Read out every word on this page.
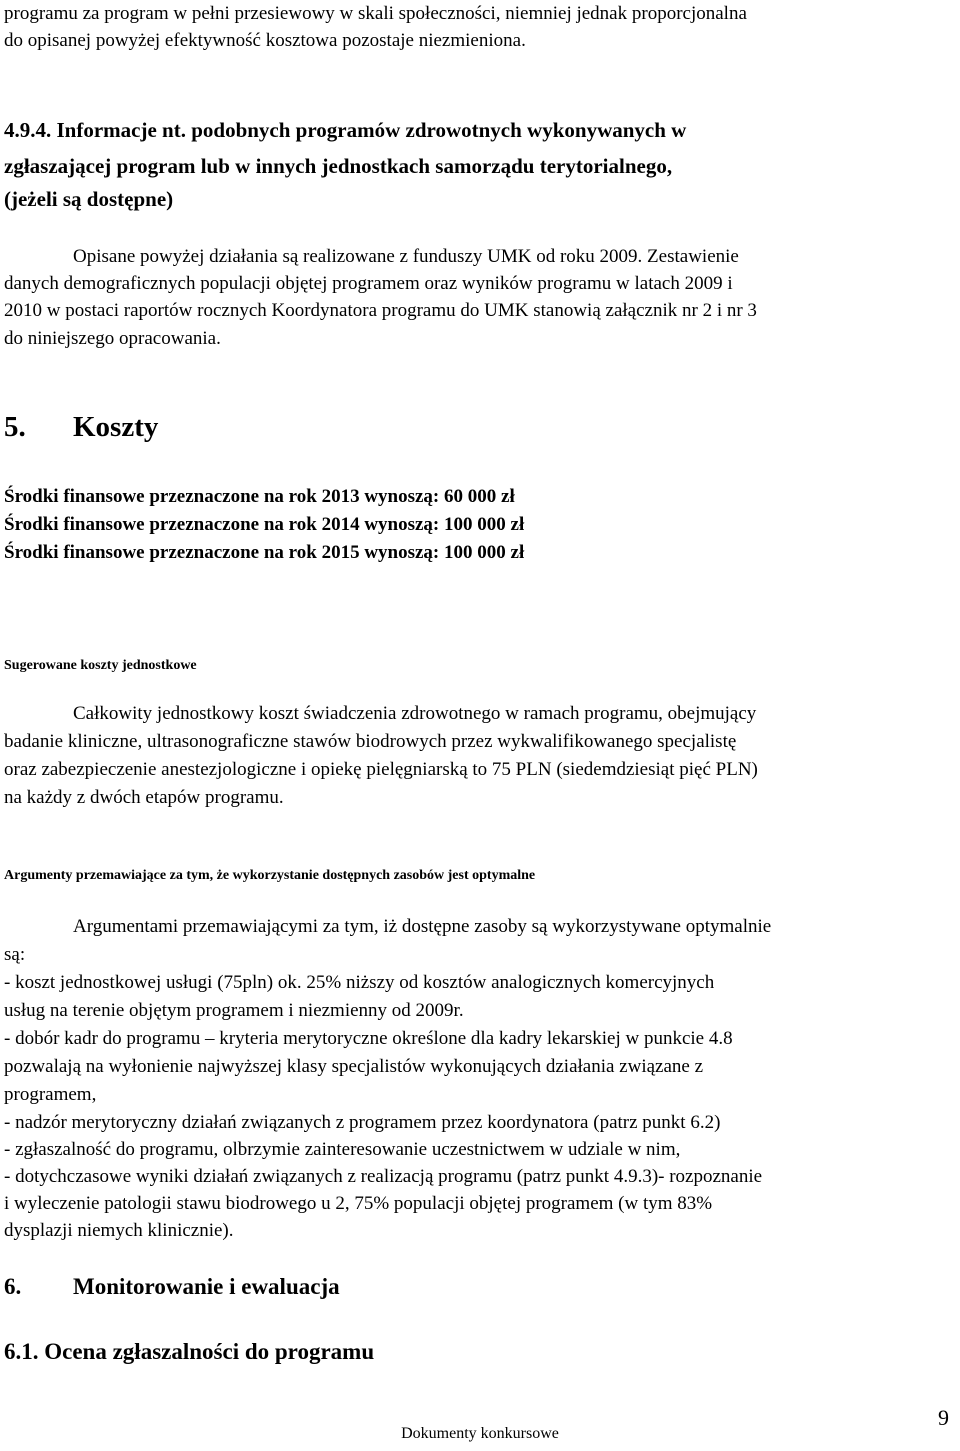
programu za program w pełni przesiewowy w skali społeczności, niemniej jednak proporcjonalna
do opisanej powyżej efektywność kosztowa pozostaje niezmieniona.
4.9.4. Informacje nt. podobnych programów zdrowotnych wykonywanych w
zgłaszającej program lub w innych jednostkach samorządu terytorialnego,
(jeżeli są dostępne)
Opisane powyżej działania są realizowane z funduszy UMK od roku 2009. Zestawienie
danych demograficznych populacji objętej programem oraz wyników programu w latach 2009 i
2010 w postaci raportów rocznych Koordynatora programu do UMK stanowią załącznik nr 2 i nr 3
do niniejszego opracowania.
5. Koszty
Środki finansowe przeznaczone na rok 2013 wynoszą: 60 000 zł
Środki finansowe przeznaczone na rok 2014 wynoszą: 100 000 zł
Środki finansowe przeznaczone na rok 2015 wynoszą: 100 000 zł
Sugerowane koszty jednostkowe
Całkowity jednostkowy koszt świadczenia zdrowotnego w ramach programu, obejmujący
badanie kliniczne, ultrasonograficzne stawów biodrowych przez wykwalifikowanego specjalistę
oraz zabezpieczenie anestezjologiczne i opiekę pielęgniarską to 75 PLN (siedemdziesiąt pięć PLN)
na każdy z dwóch etapów programu.
Argumenty przemawiające za tym, że wykorzystanie dostępnych zasobów jest optymalne
Argumentami przemawiającymi za tym, iż dostępne zasoby są wykorzystywane optymalnie
są:
- koszt jednostkowej usługi (75pln) ok. 25% niższy od kosztów analogicznych komercyjnych
usług na terenie objętym programem i niezmienny od 2009r.
- dobór kadr do programu – kryteria merytoryczne określone dla kadry lekarskiej w punkcie 4.8
pozwalają na wyłonienie najwyższej klasy specjalistów wykonujących działania związane z
programem,
- nadzór merytoryczny działań związanych z programem przez koordynatora (patrz punkt 6.2)
- zgłaszalność do programu, olbrzymie zainteresowanie uczestnictwem w udziale w nim,
- dotychczasowe wyniki działań związanych z realizacją programu (patrz punkt 4.9.3)- rozpoznanie
i wyleczenie patologii stawu biodrowego u 2, 75% populacji objętej programem (w tym 83%
dysplazji niemych klinicznie).
6. Monitorowanie i ewaluacja
6.1. Ocena zgłaszalności do programu
9
Dokumenty konkursowe
